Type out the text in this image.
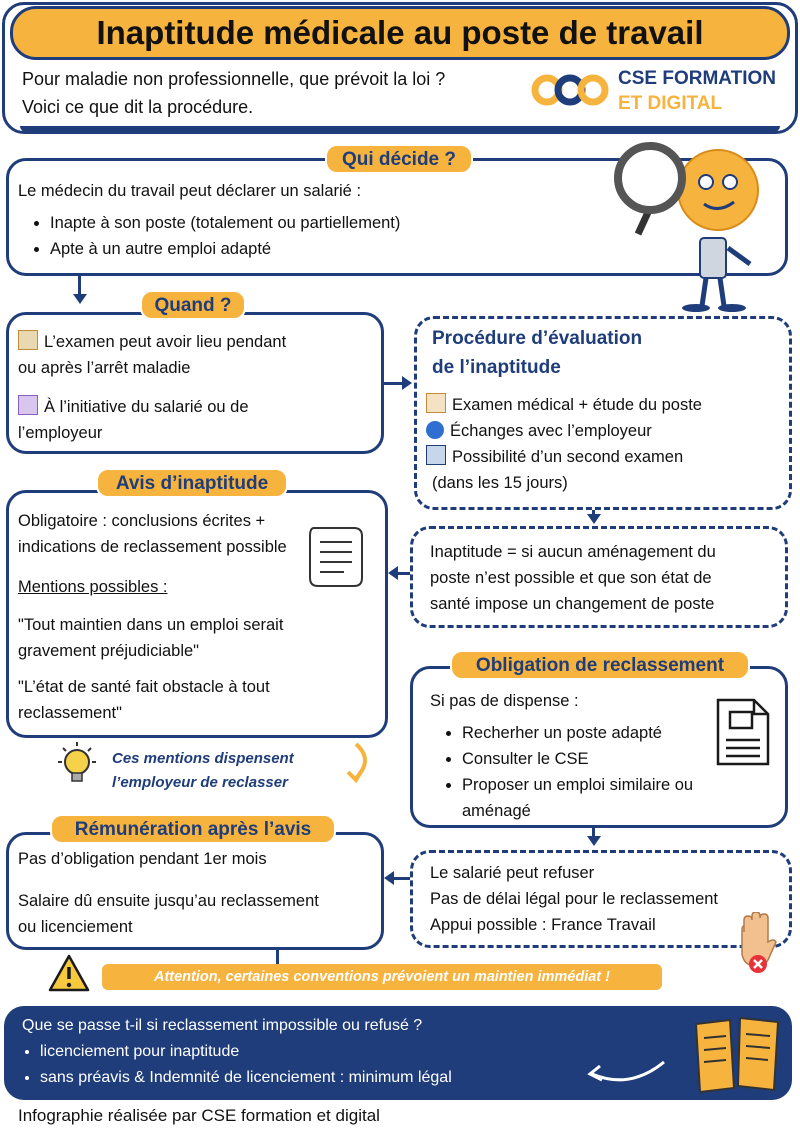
Inaptitude médicale au poste de travail
Pour maladie non professionnelle, que prévoit la loi ?
Voici ce que dit la procédure.
CSE FORMATION
ET DIGITAL
Qui décide ?
Le médecin du travail peut déclarer un salarié :
• Inapte à son poste (totalement ou partiellement)
• Apte à un autre emploi adapté
Quand ?
L’examen peut avoir lieu pendant
ou après l’arrêt maladie
À l’initiative du salarié ou de
l’employeur
Procédure d’évaluation
de l’inaptitude
Examen médical + étude du poste
Échanges avec l’employeur
Possibilité d’un second examen
(dans les 15 jours)
Avis d’inaptitude
Obligatoire : conclusions écrites +
indications de reclassement possible
Mentions possibles :
"Tout maintien dans un emploi serait
gravement préjudiciable"
"L’état de santé fait obstacle à tout
reclassement"
Inaptitude = si aucun aménagement du
poste n’est possible et que son état de
santé impose un changement de poste
Ces mentions dispensent
l’employeur de reclasser
Obligation de reclassement
Si pas de dispense :
• Recherher un poste adapté
• Consulter le CSE
• Proposer un emploi similaire ou
aménagé
Rémunération après l’avis
Pas d’obligation pendant 1er mois
Salaire dû ensuite jusqu’au reclassement
ou licenciement
Le salarié peut refuser
Pas de délai légal pour le reclassement
Appui possible : France Travail
Attention, certaines conventions prévoient un maintien immédiat !
Que se passe t-il si reclassement impossible ou refusé ?
• licenciement pour inaptitude
• sans préavis & Indemnité de licenciement : minimum légal
Infographie réalisée par CSE formation et digital
